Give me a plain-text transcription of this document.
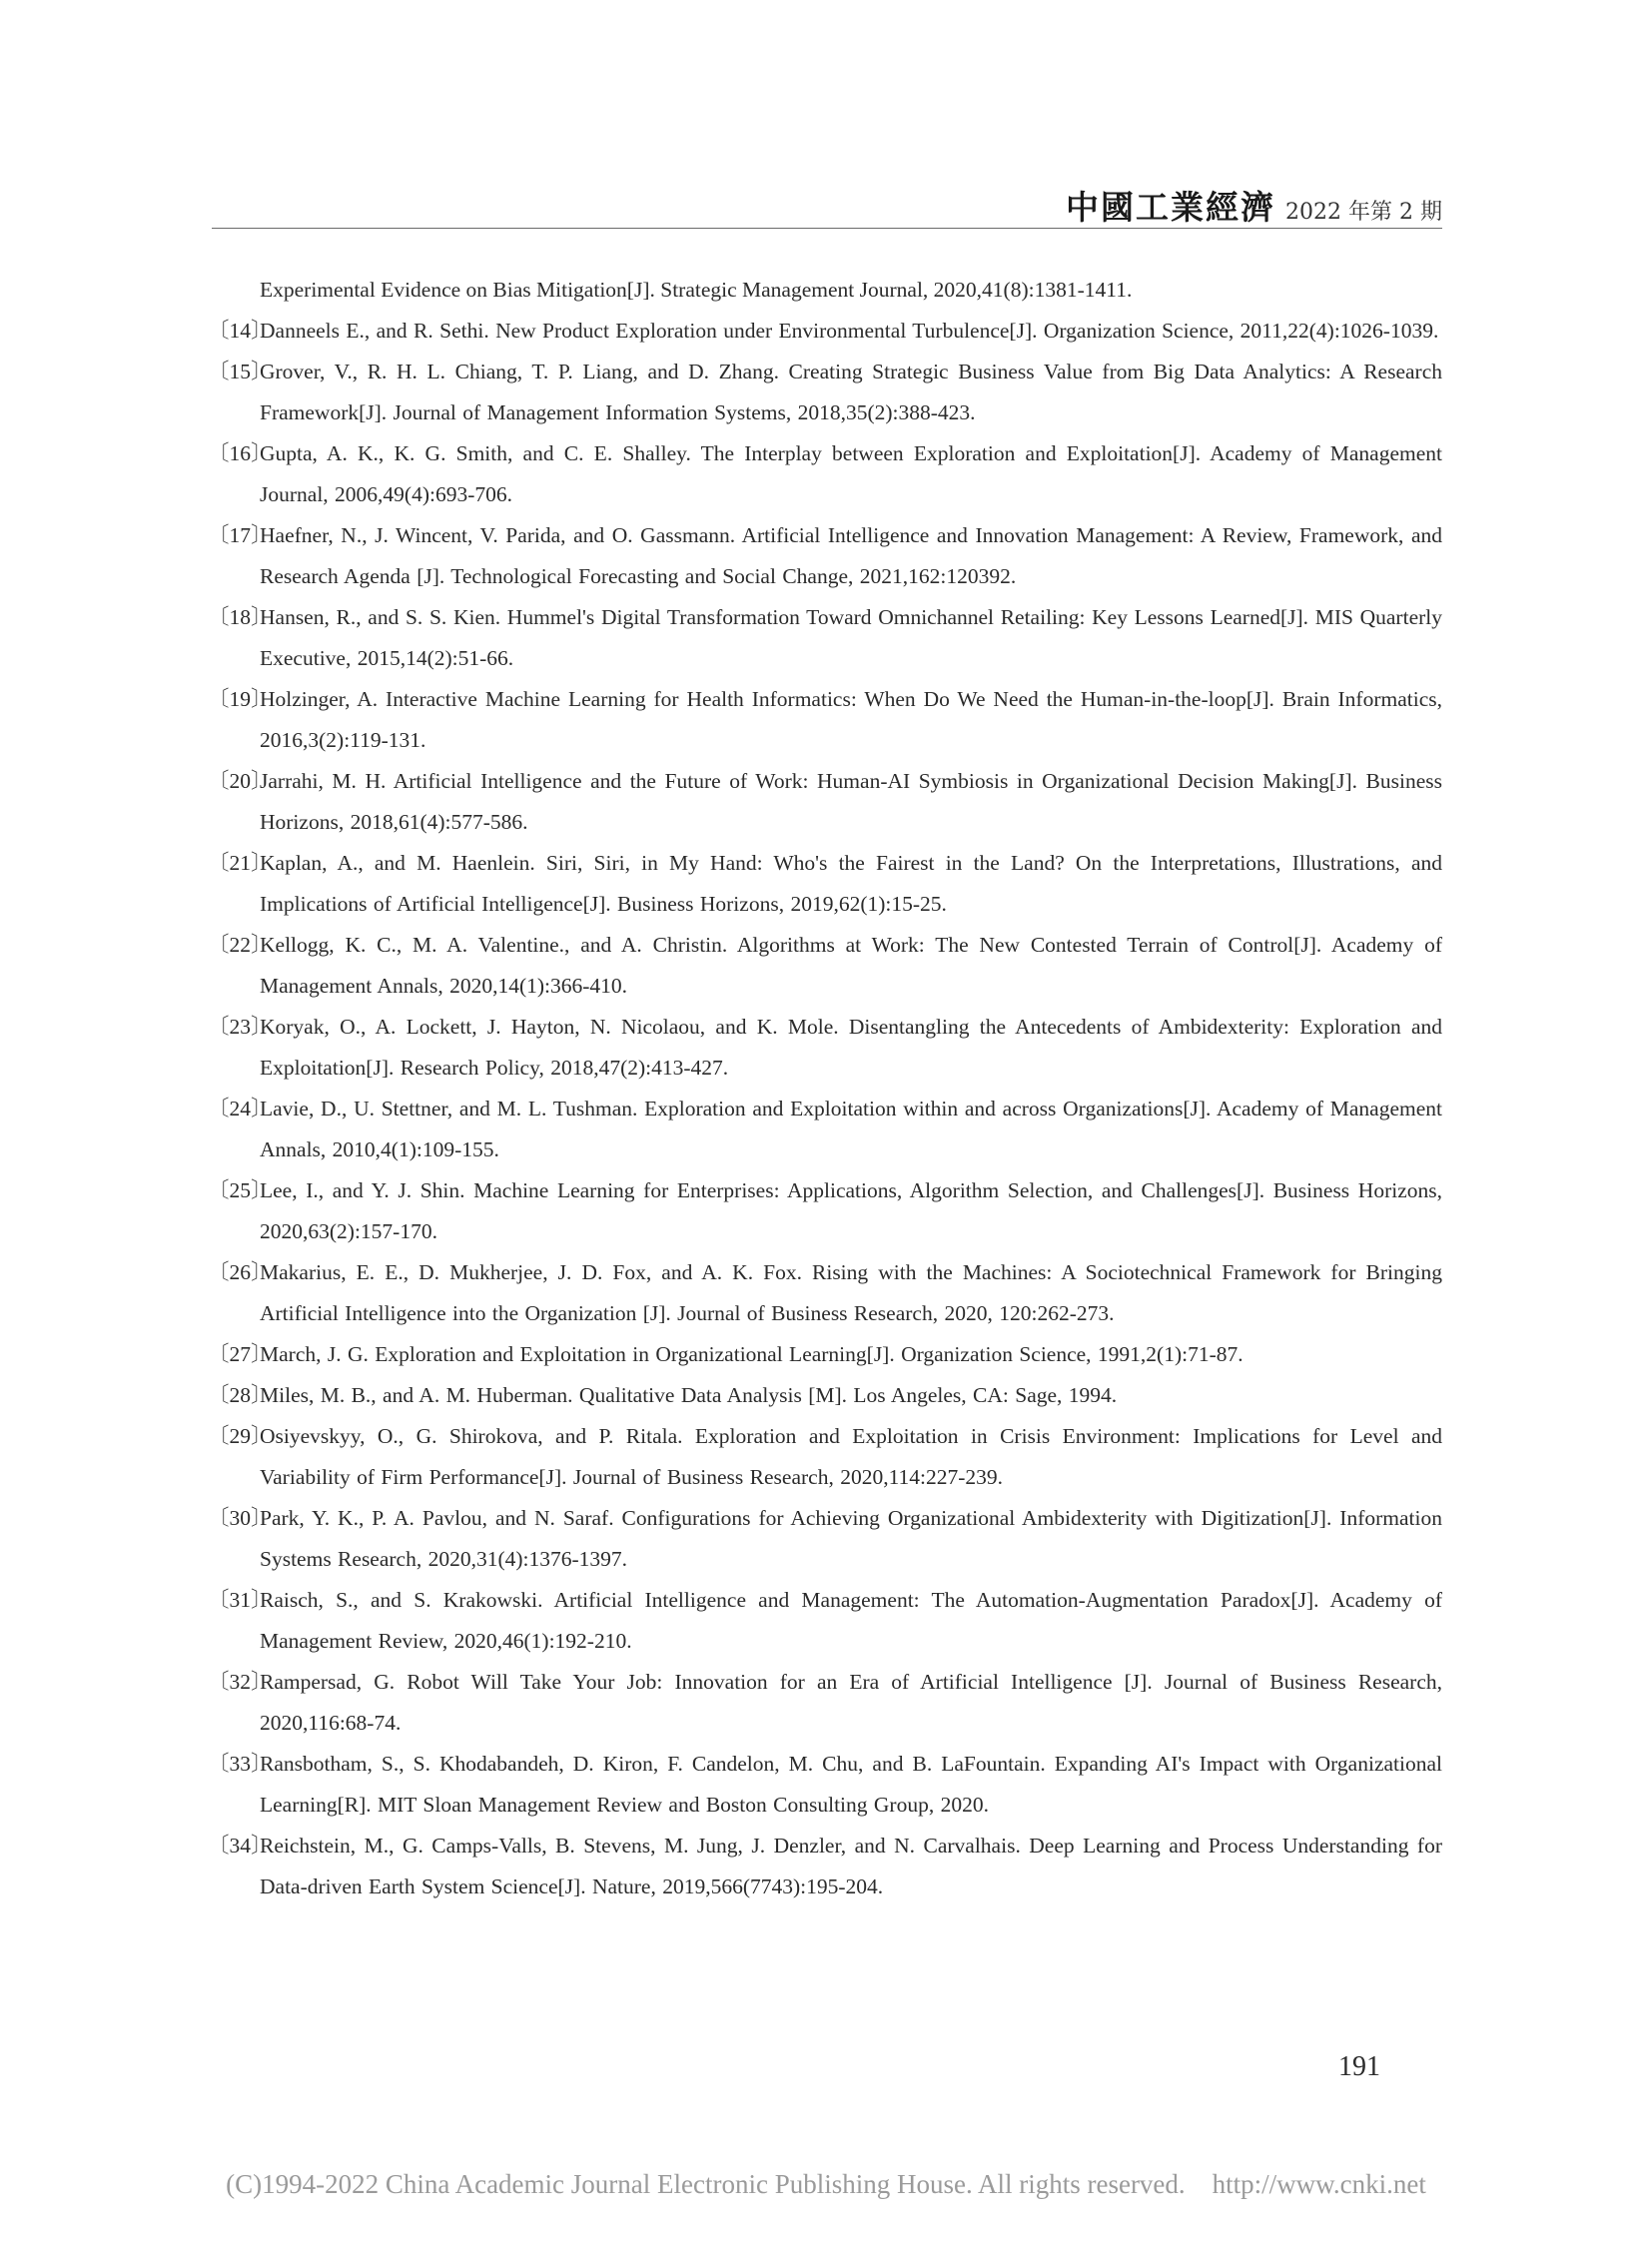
中國工業經濟 2022 年第 2 期
Experimental Evidence on Bias Mitigation[J]. Strategic Management Journal, 2020,41(8):1381-1411.
〔14〕
Danneels E., and R. Sethi. New Product Exploration under Environmental Turbulence[J]. Organization Science, 2011,22(4):1026-1039.
〔15〕
Grover, V., R. H. L. Chiang, T. P. Liang, and D. Zhang. Creating Strategic Business Value from Big Data Analytics: A Research Framework[J]. Journal of Management Information Systems, 2018,35(2):388-423.
〔16〕
Gupta, A. K., K. G. Smith, and C. E. Shalley. The Interplay between Exploration and Exploitation[J]. Academy of Management Journal, 2006,49(4):693-706.
〔17〕
Haefner, N., J. Wincent, V. Parida, and O. Gassmann. Artificial Intelligence and Innovation Management: A Review, Framework, and Research Agenda [J]. Technological Forecasting and Social Change, 2021,162:120392.
〔18〕
Hansen, R., and S. S. Kien. Hummel's Digital Transformation Toward Omnichannel Retailing: Key Lessons Learned[J]. MIS Quarterly Executive, 2015,14(2):51-66.
〔19〕
Holzinger, A. Interactive Machine Learning for Health Informatics: When Do We Need the Human-in-the-loop[J]. Brain Informatics, 2016,3(2):119-131.
〔20〕
Jarrahi, M. H. Artificial Intelligence and the Future of Work: Human-AI Symbiosis in Organizational Decision Making[J]. Business Horizons, 2018,61(4):577-586.
〔21〕
Kaplan, A., and M. Haenlein. Siri, Siri, in My Hand: Who's the Fairest in the Land? On the Interpretations, Illustrations, and Implications of Artificial Intelligence[J]. Business Horizons, 2019,62(1):15-25.
〔22〕
Kellogg, K. C., M. A. Valentine., and A. Christin. Algorithms at Work: The New Contested Terrain of Control[J]. Academy of Management Annals, 2020,14(1):366-410.
〔23〕
Koryak, O., A. Lockett, J. Hayton, N. Nicolaou, and K. Mole. Disentangling the Antecedents of Ambidexterity: Exploration and Exploitation[J]. Research Policy, 2018,47(2):413-427.
〔24〕
Lavie, D., U. Stettner, and M. L. Tushman. Exploration and Exploitation within and across Organizations[J]. Academy of Management Annals, 2010,4(1):109-155.
〔25〕
Lee, I., and Y. J. Shin. Machine Learning for Enterprises: Applications, Algorithm Selection, and Challenges[J]. Business Horizons, 2020,63(2):157-170.
〔26〕
Makarius, E. E., D. Mukherjee, J. D. Fox, and A. K. Fox. Rising with the Machines: A Sociotechnical Framework for Bringing Artificial Intelligence into the Organization [J]. Journal of Business Research, 2020, 120:262-273.
〔27〕
March, J. G. Exploration and Exploitation in Organizational Learning[J]. Organization Science, 1991,2(1):71-87.
〔28〕
Miles, M. B., and A. M. Huberman. Qualitative Data Analysis [M]. Los Angeles, CA: Sage, 1994.
〔29〕
Osiyevskyy, O., G. Shirokova, and P. Ritala. Exploration and Exploitation in Crisis Environment: Implications for Level and Variability of Firm Performance[J]. Journal of Business Research, 2020,114:227-239.
〔30〕
Park, Y. K., P. A. Pavlou, and N. Saraf. Configurations for Achieving Organizational Ambidexterity with Digitization[J]. Information Systems Research, 2020,31(4):1376-1397.
〔31〕
Raisch, S., and S. Krakowski. Artificial Intelligence and Management: The Automation-Augmentation Paradox[J]. Academy of Management Review, 2020,46(1):192-210.
〔32〕
Rampersad, G. Robot Will Take Your Job: Innovation for an Era of Artificial Intelligence [J]. Journal of Business Research, 2020,116:68-74.
〔33〕
Ransbotham, S., S. Khodabandeh, D. Kiron, F. Candelon, M. Chu, and B. LaFountain. Expanding AI's Impact with Organizational Learning[R]. MIT Sloan Management Review and Boston Consulting Group, 2020.
〔34〕
Reichstein, M., G. Camps-Valls, B. Stevens, M. Jung, J. Denzler, and N. Carvalhais. Deep Learning and Process Understanding for Data-driven Earth System Science[J]. Nature, 2019,566(7743):195-204.
191
(C)1994-2022 China Academic Journal Electronic Publishing House. All rights reserved.    http://www.cnki.net
